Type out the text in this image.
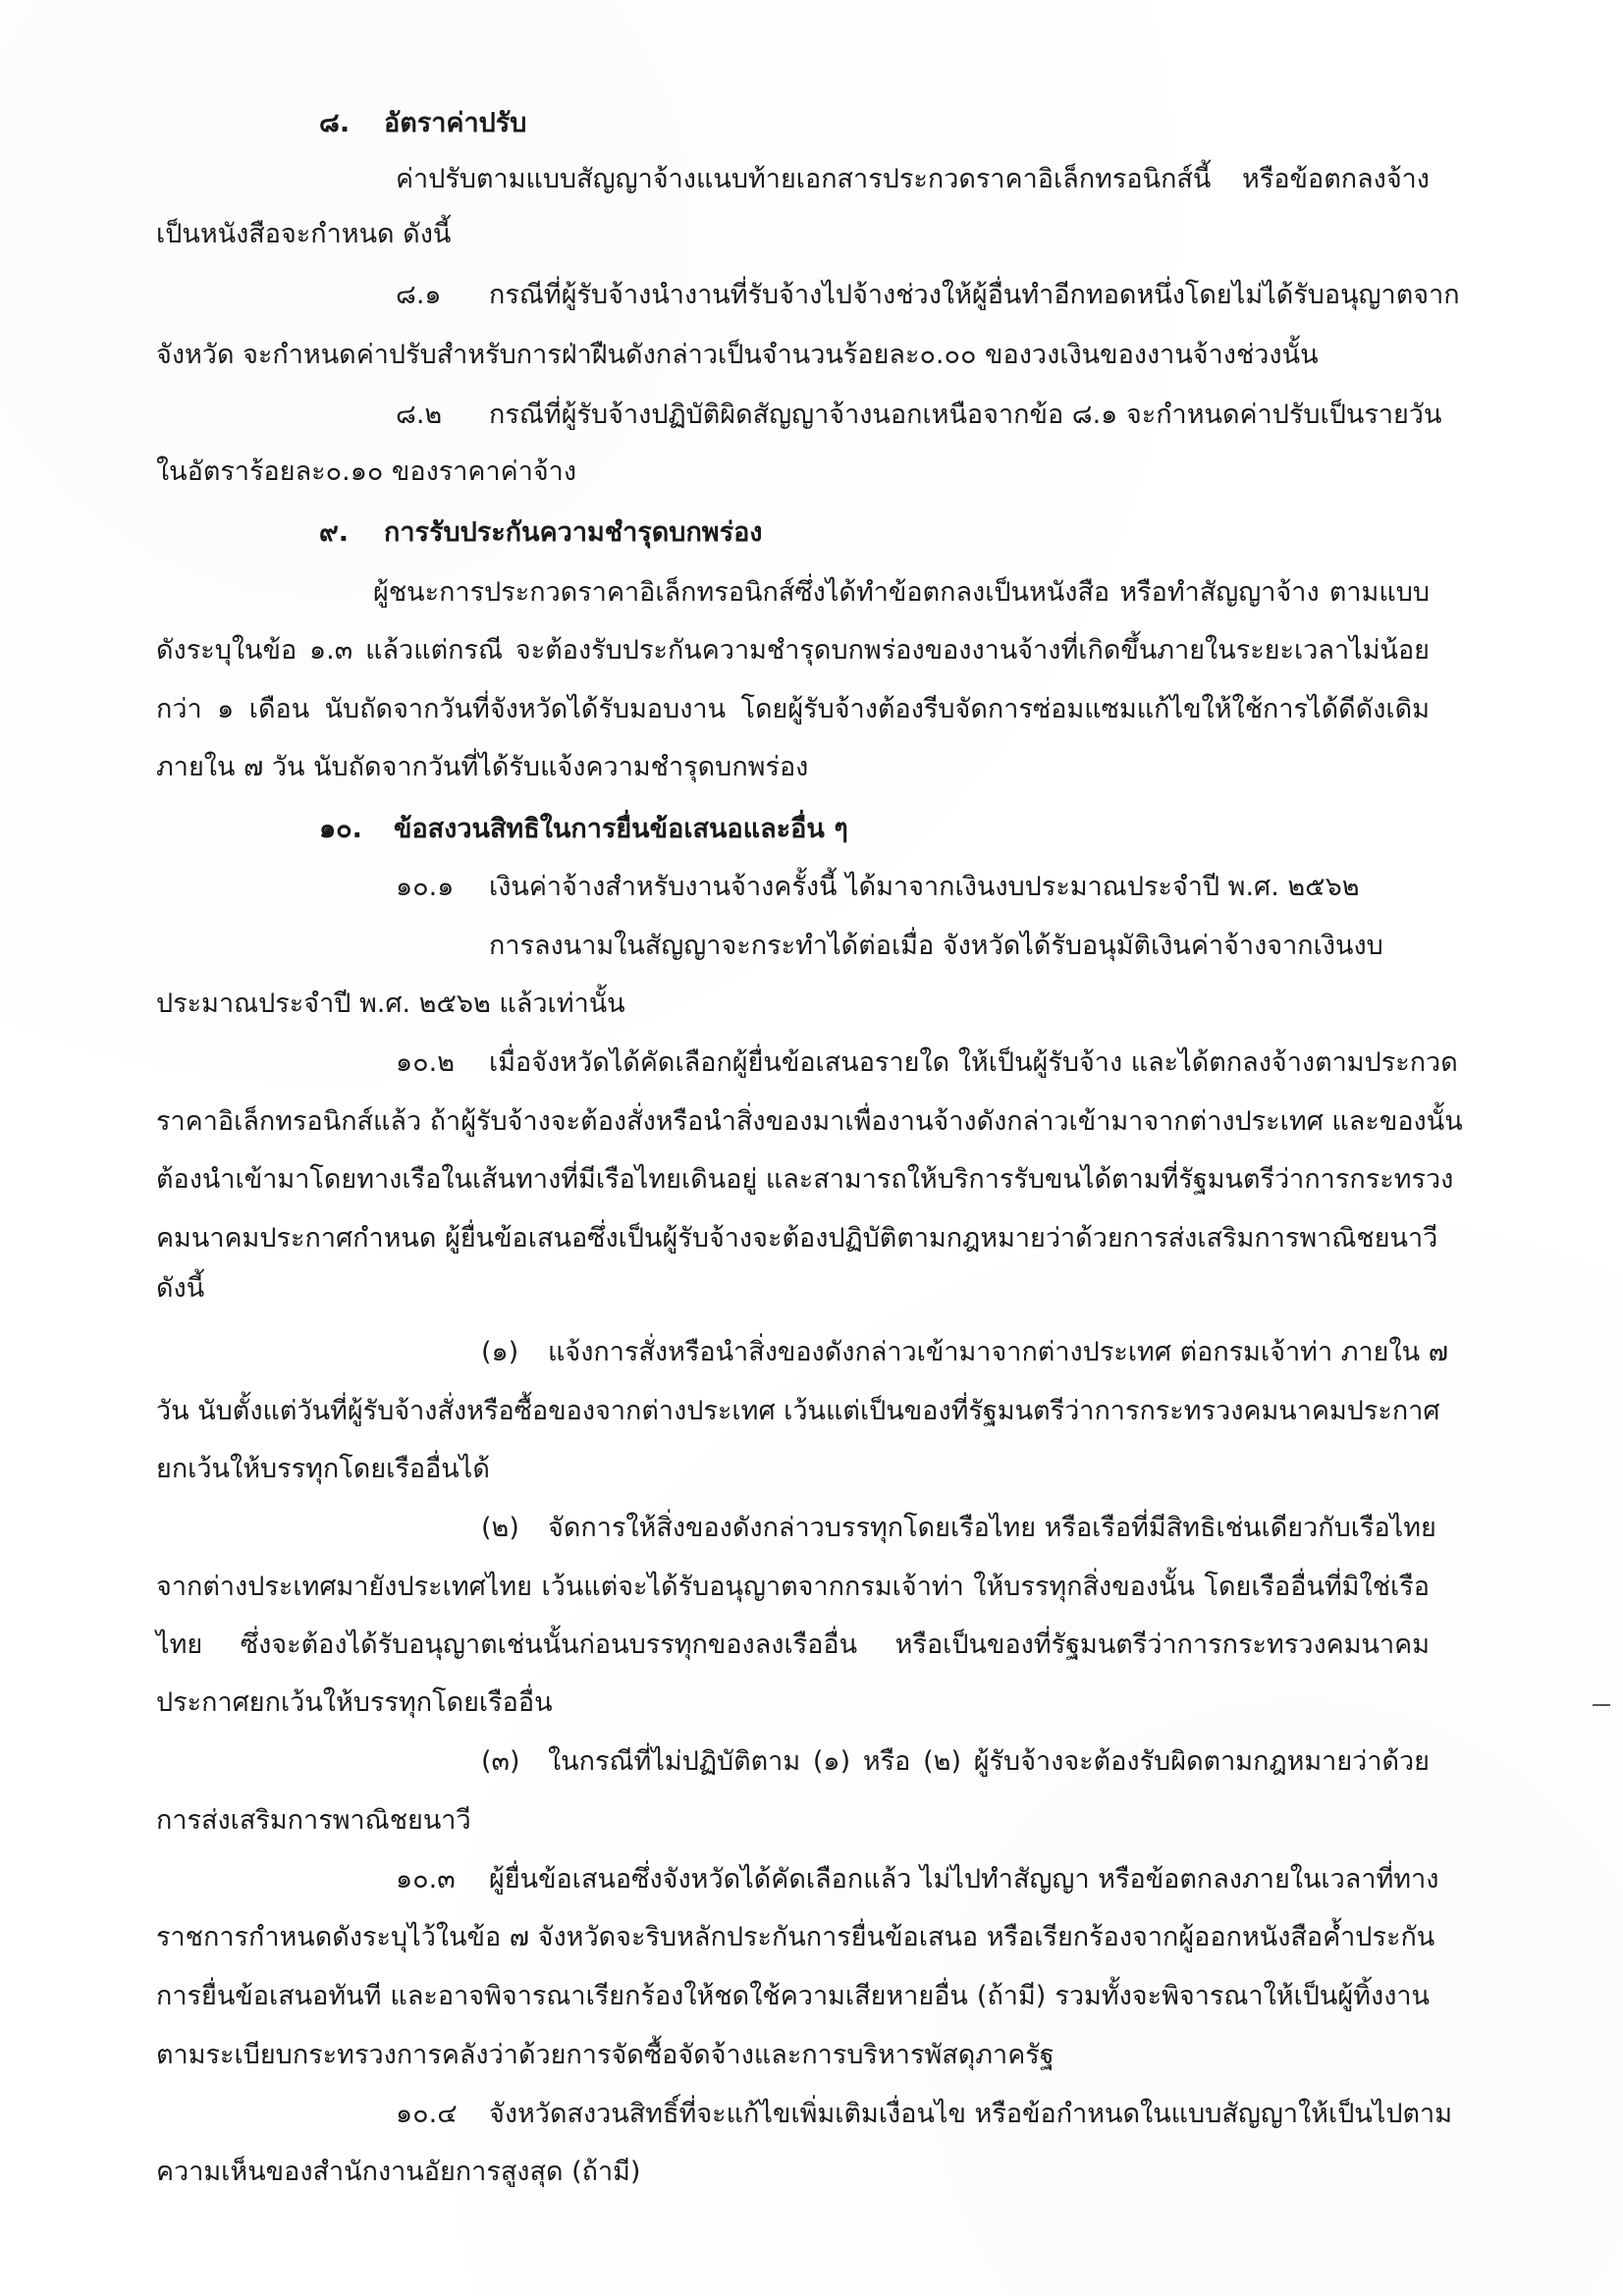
๘. อัตราค่าปรับ
ค่าปรับตามแบบสัญญาจ้างแนบท้ายเอกสารประกวดราคาอิเล็กทรอนิกส์นี้ หรือข้อตกลงจ้าง
เป็นหนังสือจะกำหนด ดังนี้
๘.๑ กรณีที่ผู้รับจ้างนำงานที่รับจ้างไปจ้างช่วงให้ผู้อื่นทำอีกทอดหนึ่งโดยไม่ได้รับอนุญาตจาก
จังหวัด จะกำหนดค่าปรับสำหรับการฝ่าฝืนดังกล่าวเป็นจำนวนร้อยละ๐.๐๐ ของวงเงินของงานจ้างช่วงนั้น
๘.๒ กรณีที่ผู้รับจ้างปฏิบัติผิดสัญญาจ้างนอกเหนือจากข้อ ๘.๑ จะกำหนดค่าปรับเป็นรายวัน
ในอัตราร้อยละ๐.๑๐ ของราคาค่าจ้าง
๙. การรับประกันความชำรุดบกพร่อง
ผู้ชนะการประกวดราคาอิเล็กทรอนิกส์ซึ่งได้ทำข้อตกลงเป็นหนังสือ หรือทำสัญญาจ้าง ตามแบบ
ดังระบุในข้อ ๑.๓ แล้วแต่กรณี จะต้องรับประกันความชำรุดบกพร่องของงานจ้างที่เกิดขึ้นภายในระยะเวลาไม่น้อย
กว่า ๑ เดือน นับถัดจากวันที่จังหวัดได้รับมอบงาน โดยผู้รับจ้างต้องรีบจัดการซ่อมแซมแก้ไขให้ใช้การได้ดีดังเดิม
ภายใน ๗ วัน นับถัดจากวันที่ได้รับแจ้งความชำรุดบกพร่อง
๑๐. ข้อสงวนสิทธิในการยื่นข้อเสนอและอื่น ๆ
๑๐.๑ เงินค่าจ้างสำหรับงานจ้างครั้งนี้ ได้มาจากเงินงบประมาณประจำปี พ.ศ. ๒๕๖๒
การลงนามในสัญญาจะกระทำได้ต่อเมื่อ จังหวัดได้รับอนุมัติเงินค่าจ้างจากเงินงบ
ประมาณประจำปี พ.ศ. ๒๕๖๒ แล้วเท่านั้น
๑๐.๒ เมื่อจังหวัดได้คัดเลือกผู้ยื่นข้อเสนอรายใด ให้เป็นผู้รับจ้าง และได้ตกลงจ้างตามประกวด
ราคาอิเล็กทรอนิกส์แล้ว ถ้าผู้รับจ้างจะต้องสั่งหรือนำสิ่งของมาเพื่องานจ้างดังกล่าวเข้ามาจากต่างประเทศ และของนั้น
ต้องนำเข้ามาโดยทางเรือในเส้นทางที่มีเรือไทยเดินอยู่ และสามารถให้บริการรับขนได้ตามที่รัฐมนตรีว่าการกระทรวง
คมนาคมประกาศกำหนด ผู้ยื่นข้อเสนอซึ่งเป็นผู้รับจ้างจะต้องปฏิบัติตามกฎหมายว่าด้วยการส่งเสริมการพาณิชยนาวี
ดังนี้
(๑) แจ้งการสั่งหรือนำสิ่งของดังกล่าวเข้ามาจากต่างประเทศ ต่อกรมเจ้าท่า ภายใน ๗
วัน นับตั้งแต่วันที่ผู้รับจ้างสั่งหรือซื้อของจากต่างประเทศ เว้นแต่เป็นของที่รัฐมนตรีว่าการกระทรวงคมนาคมประกาศ
ยกเว้นให้บรรทุกโดยเรืออื่นได้
(๒) จัดการให้สิ่งของดังกล่าวบรรทุกโดยเรือไทย หรือเรือที่มีสิทธิเช่นเดียวกับเรือไทย
จากต่างประเทศมายังประเทศไทย เว้นแต่จะได้รับอนุญาตจากกรมเจ้าท่า ให้บรรทุกสิ่งของนั้น โดยเรืออื่นที่มิใช่เรือ
ไทย ซึ่งจะต้องได้รับอนุญาตเช่นนั้นก่อนบรรทุกของลงเรืออื่น หรือเป็นของที่รัฐมนตรีว่าการกระทรวงคมนาคม
ประกาศยกเว้นให้บรรทุกโดยเรืออื่น
(๓) ในกรณีที่ไม่ปฏิบัติตาม (๑) หรือ (๒) ผู้รับจ้างจะต้องรับผิดตามกฎหมายว่าด้วย
การส่งเสริมการพาณิชยนาวี
๑๐.๓ ผู้ยื่นข้อเสนอซึ่งจังหวัดได้คัดเลือกแล้ว ไม่ไปทำสัญญา หรือข้อตกลงภายในเวลาที่ทาง
ราชการกำหนดดังระบุไว้ในข้อ ๗ จังหวัดจะริบหลักประกันการยื่นข้อเสนอ หรือเรียกร้องจากผู้ออกหนังสือค้ำประกัน
การยื่นข้อเสนอทันที และอาจพิจารณาเรียกร้องให้ชดใช้ความเสียหายอื่น (ถ้ามี) รวมทั้งจะพิจารณาให้เป็นผู้ทิ้งงาน
ตามระเบียบกระทรวงการคลังว่าด้วยการจัดซื้อจัดจ้างและการบริหารพัสดุภาครัฐ
๑๐.๔ จังหวัดสงวนสิทธิ์ที่จะแก้ไขเพิ่มเติมเงื่อนไข หรือข้อกำหนดในแบบสัญญาให้เป็นไปตาม
ความเห็นของสำนักงานอัยการสูงสุด (ถ้ามี)
